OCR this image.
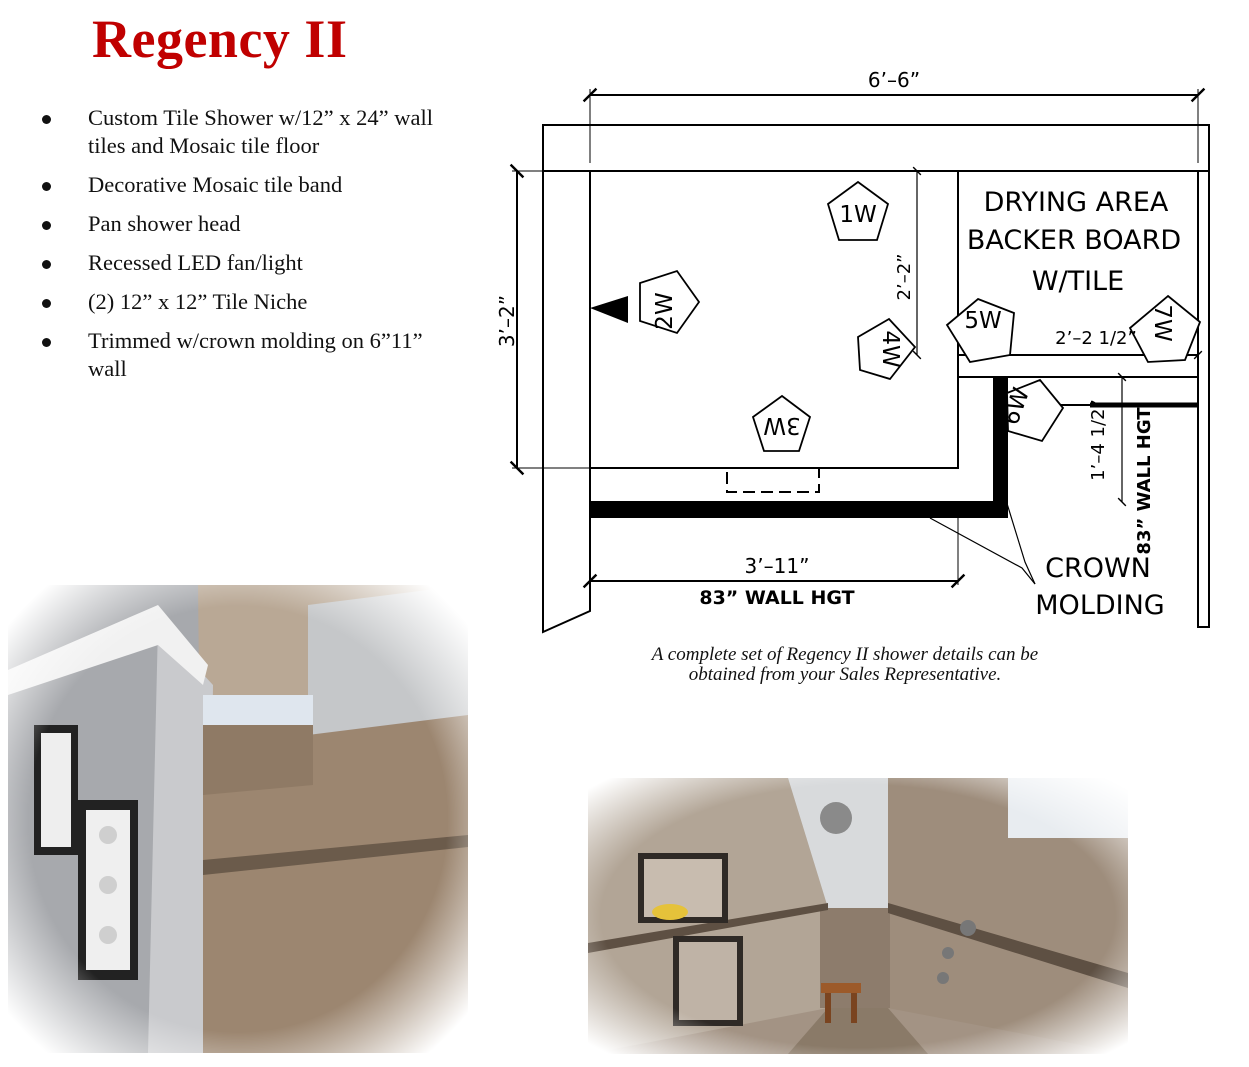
Regency II
Custom Tile Shower w/12” x 24” wall tiles and Mosaic tile floor
Decorative Mosaic tile band
Pan shower head
Recessed LED fan/light
(2) 12” x 12” Tile Niche
Trimmed w/crown molding on 6”11” wall
1W
2W
3W
4W
5W
6W
7W
6’–6”
3’–2”
2’–2”
3’–11”
83” WALL HGT
2’–2 1/2”
1’–4 1/2” 83” WALL HGT
DRYING AREA
BACKER BOARD
W/TILE
CROWN
MOLDING
A complete set of Regency II shower details can be
obtained from your Sales Representative.
